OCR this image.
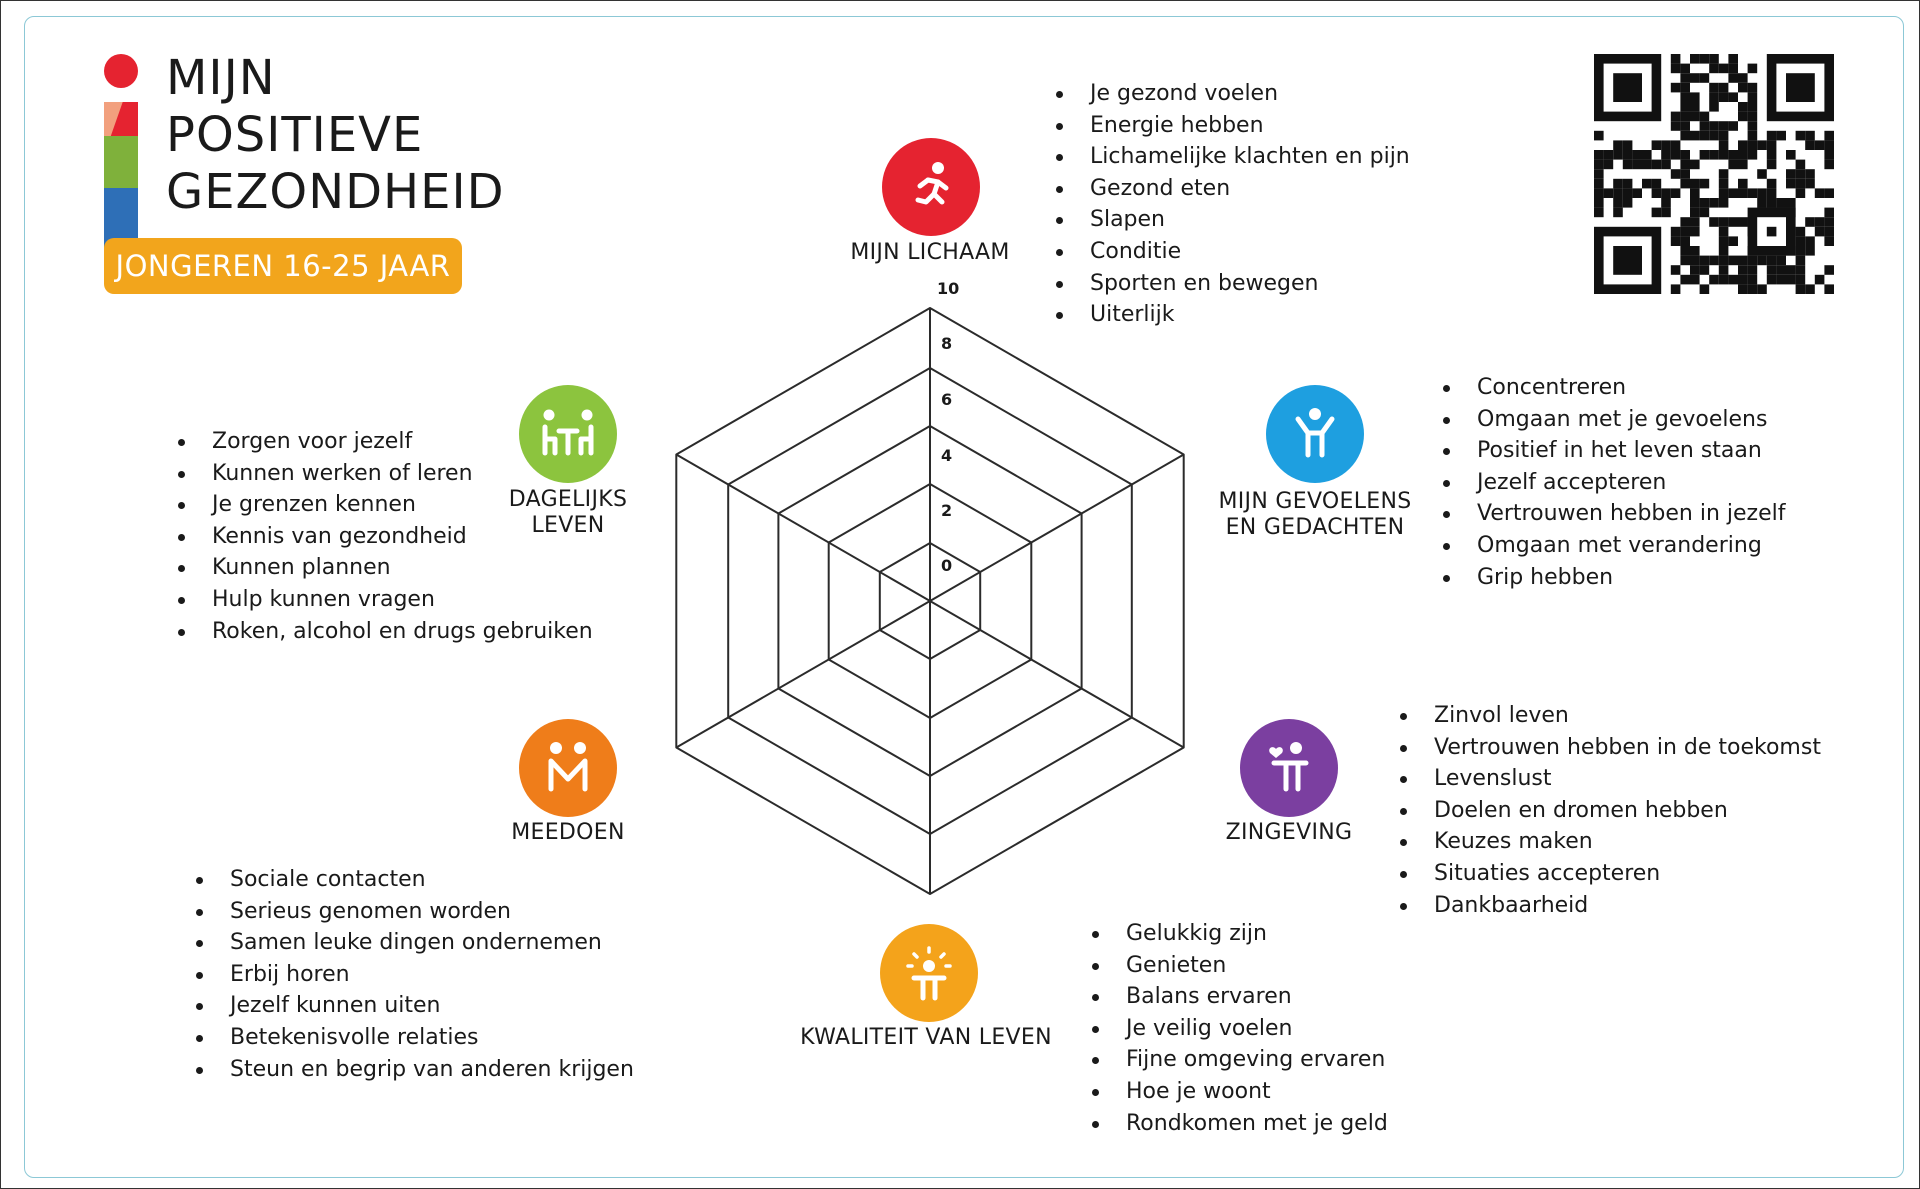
MIJN
POSITIEVE
GEZONDHEID
JONGEREN 16-25 JAAR
10
8
6
4
2
0
MIJN LICHAAM
Je gezond voelen
Energie hebben
Lichamelijke klachten en pijn
Gezond eten
Slapen
Conditie
Sporten en bewegen
Uiterlijk
MIJN GEVOELENS
EN GEDACHTEN
Concentreren
Omgaan met je gevoelens
Positief in het leven staan
Jezelf accepteren
Vertrouwen hebben in jezelf
Omgaan met verandering
Grip hebben
ZINGEVING
Zinvol leven
Vertrouwen hebben in de toekomst
Levenslust
Doelen en dromen hebben
Keuzes maken
Situaties accepteren
Dankbaarheid
KWALITEIT VAN LEVEN
Gelukkig zijn
Genieten
Balans ervaren
Je veilig voelen
Fijne omgeving ervaren
Hoe je woont
Rondkomen met je geld
MEEDOEN
Sociale contacten
Serieus genomen worden
Samen leuke dingen ondernemen
Erbij horen
Jezelf kunnen uiten
Betekenisvolle relaties
Steun en begrip van anderen krijgen
DAGELIJKS
LEVEN
Zorgen voor jezelf
Kunnen werken of leren
Je grenzen kennen
Kennis van gezondheid
Kunnen plannen
Hulp kunnen vragen
Roken, alcohol en drugs gebruiken
